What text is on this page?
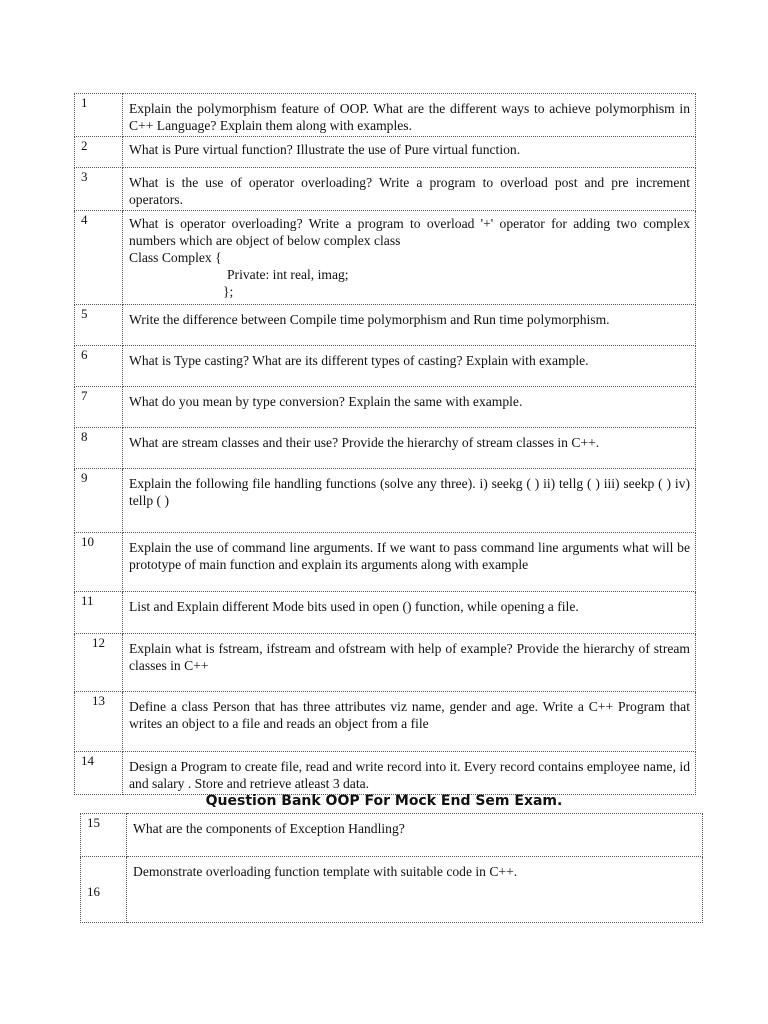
1	Explain the polymorphism feature of OOP. What are the different ways to achieve polymorphism in C++ Language? Explain them along with examples.
2	What is Pure virtual function? Illustrate the use of Pure virtual function.
3	What is the use of operator overloading? Write a program to overload post and pre increment operators.
4	What is operator overloading? Write a program to overload '+' operator for adding two complex numbers which are object of below complex class
Class Complex {
Private: int real, imag;
};

5	Write the difference between Compile time polymorphism and Run time polymorphism.
6	What is Type casting? What are its different types of casting? Explain with example.
7	What do you mean by type conversion? Explain the same with example.
8	What are stream classes and their use? Provide the hierarchy of stream classes in C++.
9	Explain the following file handling functions (solve any three). i) seekg ( ) ii) tellg ( ) iii) seekp ( ) iv) tellp ( )
10	Explain the use of command line arguments. If we want to pass command line arguments what will be prototype of main function and explain its arguments along with example
11	List and Explain different Mode bits used in open () function, while opening a file.
12	Explain what is fstream, ifstream and ofstream with help of example? Provide the hierarchy of stream classes in C++
13	Define a class Person that has three attributes viz name, gender and age. Write a C++ Program that writes an object to a file and reads an object from a file
14	Design a Program to create file, read and write record into it. Every record contains employee name, id and salary . Store and retrieve atleast 3 data.
Question Bank OOP For Mock End Sem Exam.
15	What are the components of Exception Handling?
16	Demonstrate overloading function template with suitable code in C++.
